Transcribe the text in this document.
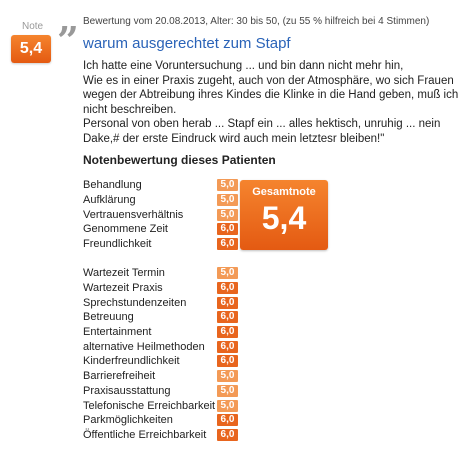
Note
5,4 ” Bewertung vom 20.08.2013, Alter: 30 bis 50, (zu 55 % hilfreich bei 4 Stimmen)
warum ausgerechtet zum Stapf

Ich hatte eine Voruntersuchung ... und bin dann nicht mehr hin,

Wie es in einer Praxis zugeht, auch von der Atmosphäre, wo sich Frauen wegen der Abtreibung ihres Kindes die Klinke in die Hand geben, muß ich nicht beschreiben.

Personal von oben herab ... Stapf ein ... alles hektisch, unruhig ... nein Dake,# der erste Eindruck wird auch mein letztesr bleiben!"

Notenbewertung dieses Patienten
Behandlung	5,0
Aufklärung	5,0
Vertrauensverhältnis	5,0
Genommene Zeit	6,0
Freundlichkeit	6,0
Wartezeit Termin	5,0
Wartezeit Praxis	6,0
Sprechstundenzeiten	6,0
Betreuung	6,0
Entertainment	6,0
alternative Heilmethoden	6,0
Kinderfreundlichkeit	6,0
Barrierefreiheit	5,0
Praxisausstattung	5,0
Telefonische Erreichbarkeit 5,0
Parkmöglichkeiten	6,0
Öffentliche Erreichbarkeit	6,0
Gesamtnote
5,4
